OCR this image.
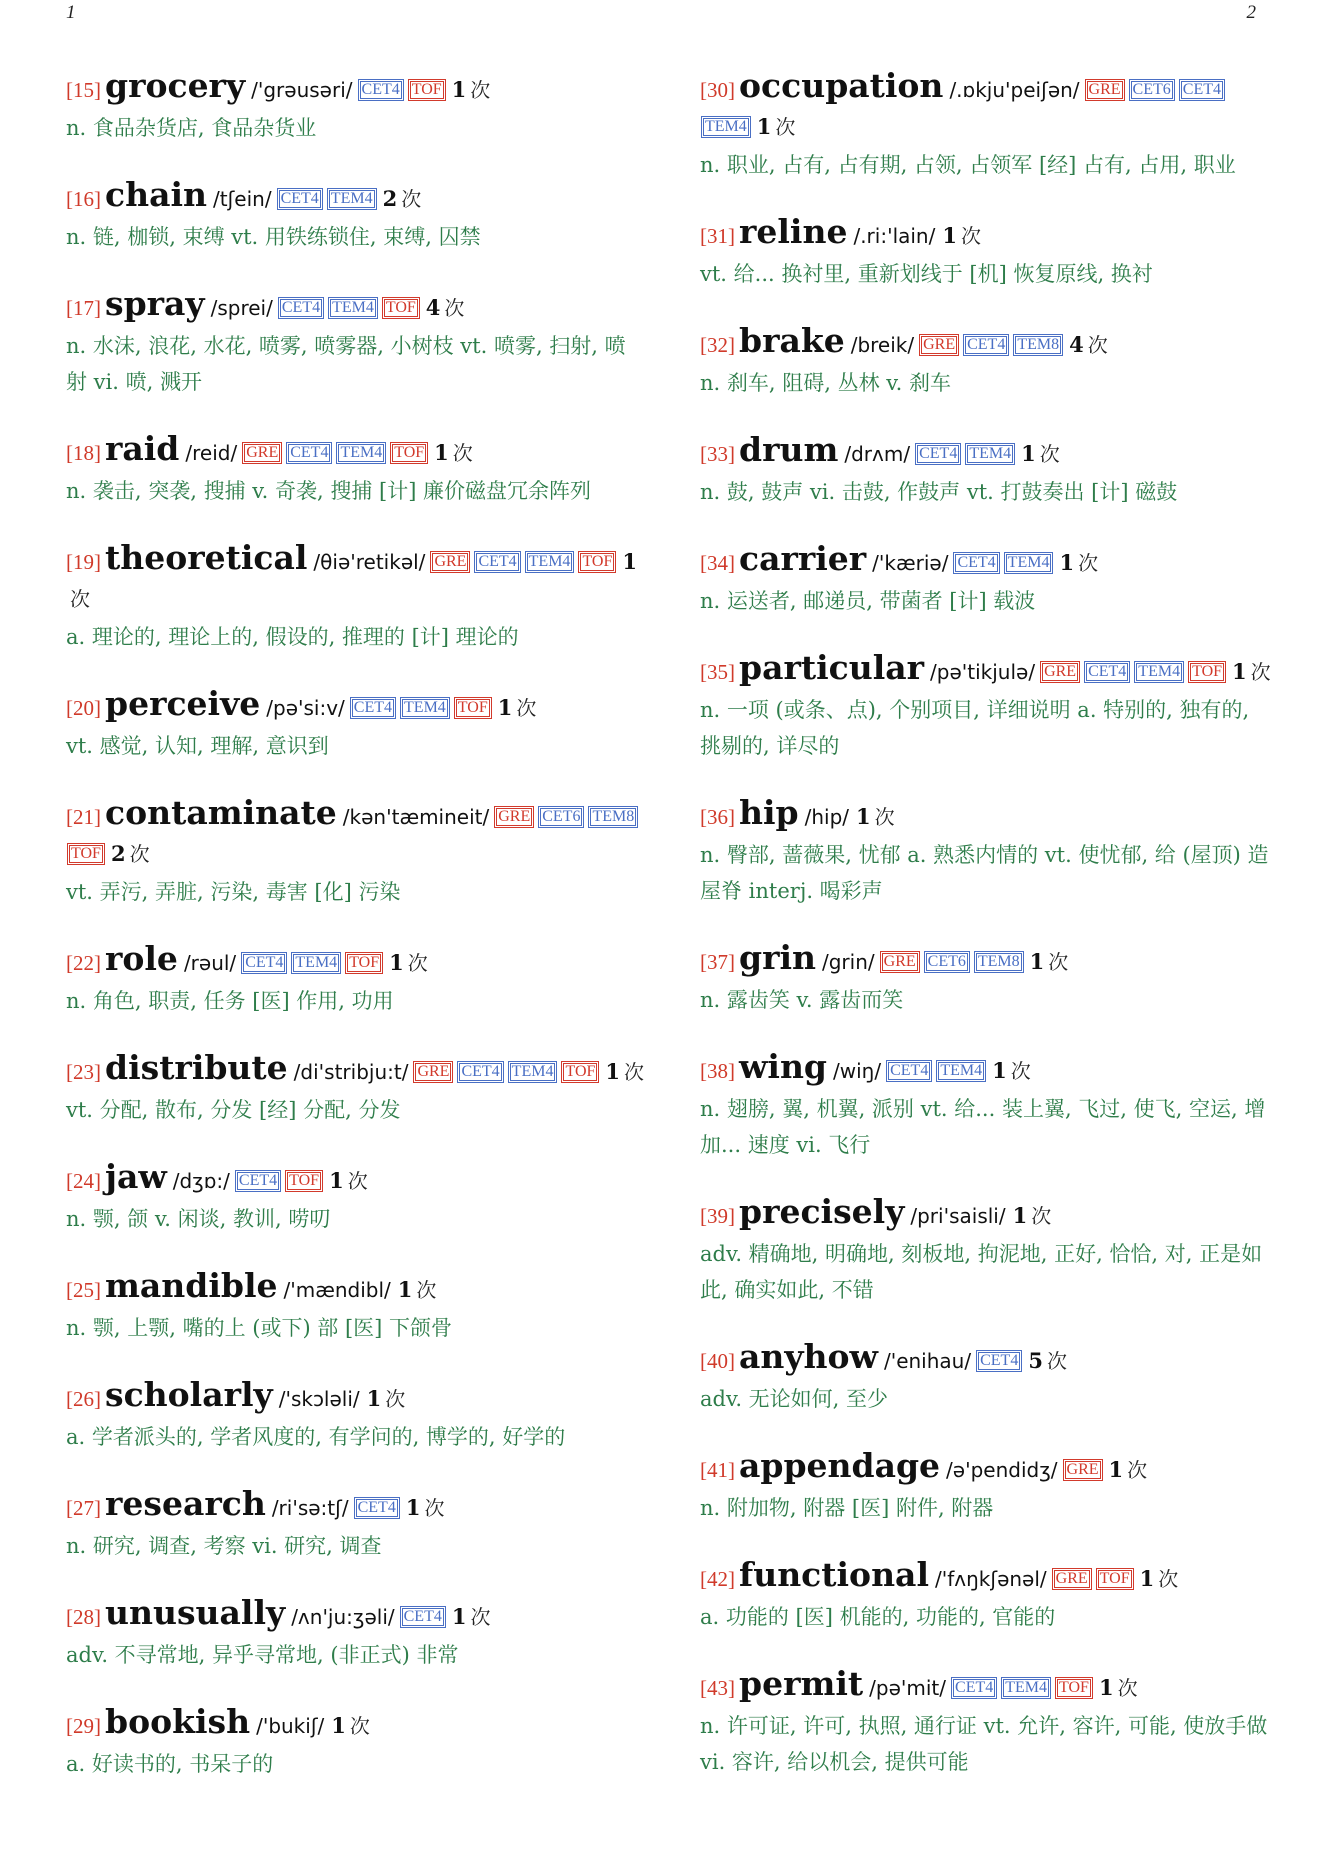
1	2
[15] grocery /'grəusəri/ CET4 TOF 1 次
n. 食品杂货店, 食品杂货业
[16] chain /tʃein/ CET4 TEM4 2 次
n. 链, 枷锁, 束缚 vt. 用铁练锁住, 束缚, 囚禁
[17] spray /sprei/ CET4 TEM4 TOF 4 次
n. 水沫, 浪花, 水花, 喷雾, 喷雾器, 小树枝 vt. 喷雾, 扫射, 喷射 vi. 喷, 溅开
[18] raid /reid/ GRE CET4 TEM4 TOF 1 次
n. 袭击, 突袭, 搜捕 v. 奇袭, 搜捕 [计] 廉价磁盘冗余阵列
[19] theoretical /θiə'retikəl/ GRE CET4 TEM4 TOF 1次
a. 理论的, 理论上的, 假设的, 推理的 [计] 理论的
[20] perceive /pə'si:v/ CET4 TEM4 TOF 1 次
vt. 感觉, 认知, 理解, 意识到
[21] contaminate /kən'tæmineit/ GRE CET6 TEM8TOF 2 次
vt. 弄污, 弄脏, 污染, 毒害 [化] 污染
[22] role /rəul/ CET4 TEM4 TOF 1 次
n. 角色, 职责, 任务 [医] 作用, 功用
[23] distribute /di'stribju:t/ GRE CET4 TEM4 TOF 1 次
vt. 分配, 散布, 分发 [经] 分配, 分发
[24] jaw /dʒɒ:/ CET4 TOF 1 次
n. 颚, 颌 v. 闲谈, 教训, 唠叨
[25] mandible /'mændibl/ 1 次
n. 颚, 上颚, 嘴的上 (或下) 部 [医] 下颌骨
[26] scholarly /'skɔləli/ 1 次
a. 学者派头的, 学者风度的, 有学问的, 博学的, 好学的
[27] research /ri'sə:tʃ/ CET4 1 次
n. 研究, 调查, 考察 vi. 研究, 调查
[28] unusually /ʌn'ju:ʒəli/ CET4 1 次
adv. 不寻常地, 异乎寻常地, (非正式) 非常
[29] bookish /'bukiʃ/ 1 次
a. 好读书的, 书呆子的
[30] occupation /.ɒkju'peiʃən/ GRE CET6 CET4TEM4 1 次
n. 职业, 占有, 占有期, 占领, 占领军 [经] 占有, 占用, 职业
[31] reline /.ri:'lain/ 1 次
vt. 给... 换衬里, 重新划线于 [机] 恢复原线, 换衬
[32] brake /breik/ GRE CET4 TEM8 4 次
n. 刹车, 阻碍, 丛林 v. 刹车
[33] drum /drʌm/ CET4 TEM4 1 次
n. 鼓, 鼓声 vi. 击鼓, 作鼓声 vt. 打鼓奏出 [计] 磁鼓
[34] carrier /'kæriə/ CET4 TEM4 1 次
n. 运送者, 邮递员, 带菌者 [计] 载波
[35] particular /pə'tikjulə/ GRE CET4 TEM4 TOF 1 次
n. 一项 (或条、点), 个别项目, 详细说明 a. 特别的, 独有的, 挑剔的, 详尽的
[36] hip /hip/ 1 次
n. 臀部, 蔷薇果, 忧郁 a. 熟悉内情的 vt. 使忧郁, 给 (屋顶) 造屋脊 interj. 喝彩声
[37] grin /grin/ GRE CET6 TEM8 1 次
n. 露齿笑 v. 露齿而笑
[38] wing /wiŋ/ CET4 TEM4 1 次
n. 翅膀, 翼, 机翼, 派别 vt. 给... 装上翼, 飞过, 使飞, 空运, 增加... 速度 vi. 飞行
[39] precisely /pri'saisli/ 1 次
adv. 精确地, 明确地, 刻板地, 拘泥地, 正好, 恰恰, 对, 正是如此, 确实如此, 不错
[40] anyhow /'enihau/ CET4 5 次
adv. 无论如何, 至少
[41] appendage /ə'pendidʒ/ GRE 1 次
n. 附加物, 附器 [医] 附件, 附器
[42] functional /'fʌŋkʃənəl/ GRE TOF 1 次
a. 功能的 [医] 机能的, 功能的, 官能的
[43] permit /pə'mit/ CET4 TEM4 TOF 1 次
n. 许可证, 许可, 执照, 通行证 vt. 允许, 容许, 可能, 使放手做 vi. 容许, 给以机会, 提供可能
